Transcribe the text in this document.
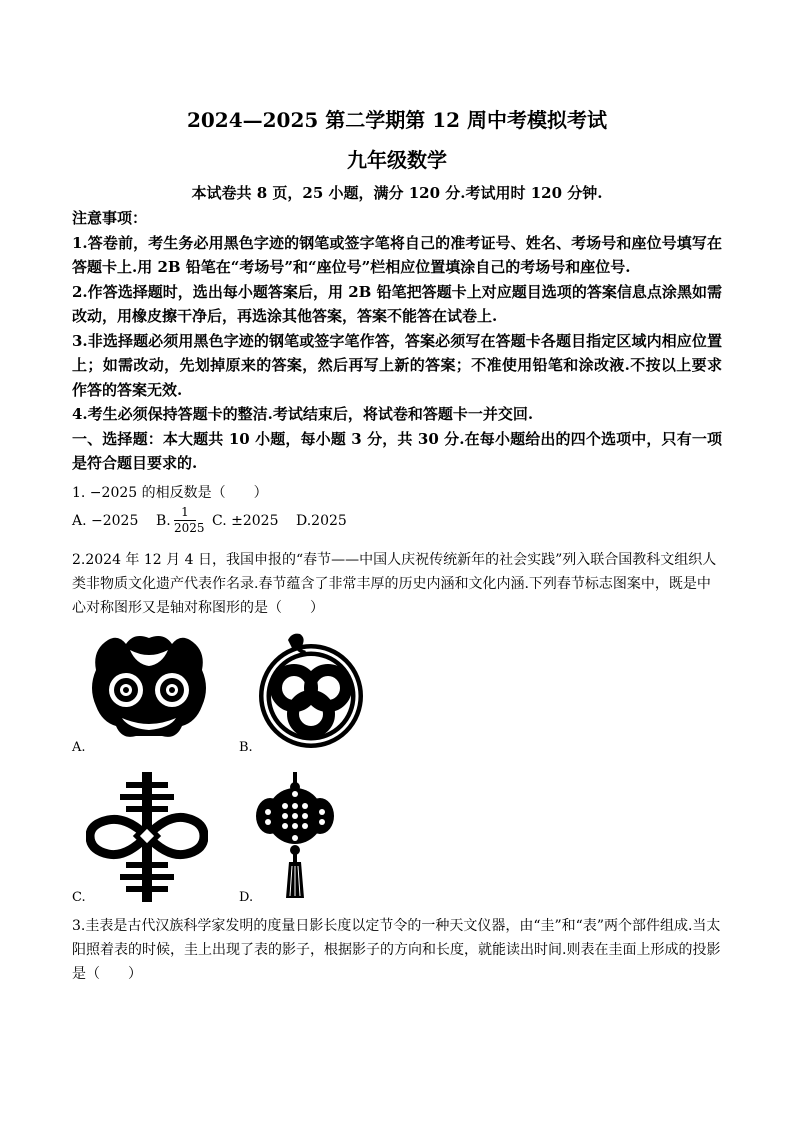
2024—2025 第二学期第 12 周中考模拟考试
九年级数学
本试卷共 8 页，25 小题，满分 120 分.考试用时 120 分钟.

注意事项：

1.答卷前，考生务必用黑色字迹的钢笔或签字笔将自己的准考证号、姓名、考场号和座位号填写在答题卡上.用 2B 铅笔在“考场号”和“座位号”栏相应位置填涂自己的考场号和座位号.

2.作答选择题时，选出每小题答案后，用 2B 铅笔把答题卡上对应题目选项的答案信息点涂黑如需改动，用橡皮擦干净后，再选涂其他答案，答案不能答在试卷上.

3.非选择题必须用黑色字迹的钢笔或签字笔作答，答案必须写在答题卡各题目指定区域内相应位置上；如需改动，先划掉原来的答案，然后再写上新的答案；不准使用铅笔和涂改液.不按以上要求作答的答案无效.

4.考生必须保持答题卡的整洁.考试结束后，将试卷和答题卡一并交回.

一、选择题：本大题共 10 小题，每小题 3 分，共 30 分.在每小题给出的四个选项中，只有一项是符合题目要求的.

1. −2025 的相反数是（　　）
A. −2025 B.
1
2025 C. ±2025 D.2025
2.2024 年 12 月 4 日，我国申报的“春节——中国人庆祝传统新年的社会实践”列入联合国教科文组织人类非物质文化遗产代表作名录.春节蕴含了非常丰厚的历史内涵和文化内涵.下列春节标志图案中，既是中心对称图形又是轴对称图形的是（　　）
A.	B.
C.	D.
3.圭表是古代汉族科学家发明的度量日影长度以定节令的一种天文仪器，由“圭”和“表”两个部件组成.当太阳照着表的时候，圭上出现了表的影子，根据影子的方向和长度，就能读出时间.则表在圭面上形成的投影是（　　）
